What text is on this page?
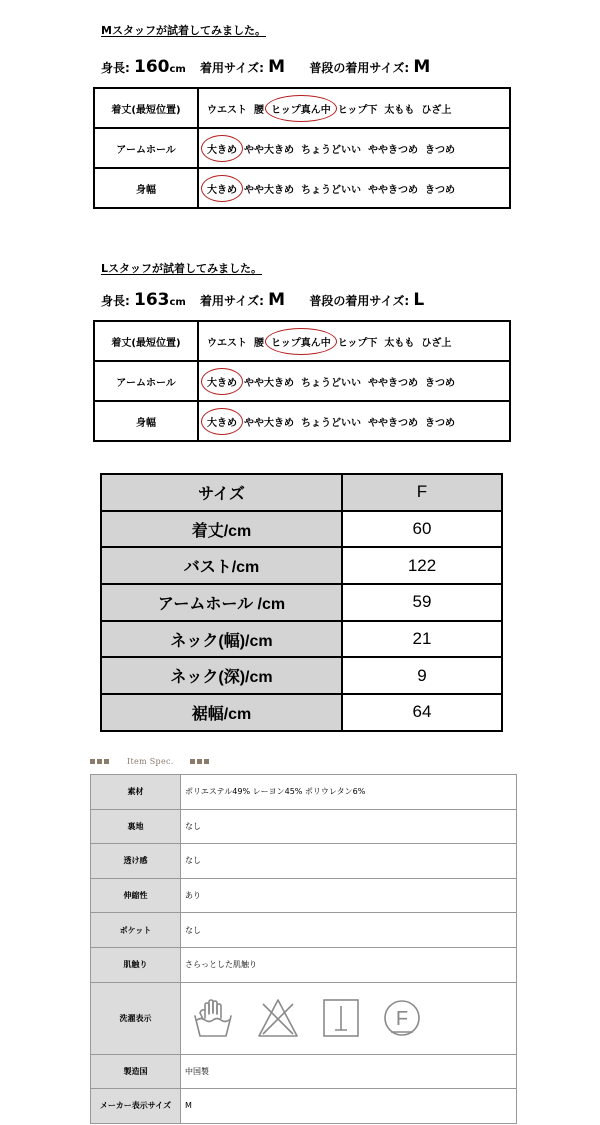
Mスタッフが試着してみました。
身長: 160cm 着用サイズ: M 普段の着用サイズ: M
着丈(最短位置)	ウエスト 腰 ヒップ真ん中 ヒップ下 太もも ひざ上
アームホール	大きめ やや大きめ ちょうどいい ややきつめ きつめ
身幅	大きめ やや大きめ ちょうどいい ややきつめ きつめ
Lスタッフが試着してみました。
身長: 163cm 着用サイズ: M 普段の着用サイズ: L
着丈(最短位置)	ウエスト 腰 ヒップ真ん中 ヒップ下 太もも ひざ上
アームホール	大きめ やや大きめ ちょうどいい ややきつめ きつめ
身幅	大きめ やや大きめ ちょうどいい ややきつめ きつめ
サイズ	F
着丈/cm	60
バスト/cm	122
アームホール /cm	59
ネック(幅)/cm	21
ネック(深)/cm	9
裾幅/cm	64
Item Spec.
素材	ポリエステル49% レーヨン45% ポリウレタン6%
裏地	なし
透け感	なし
伸縮性	あり
ポケット	なし
肌触り	さらっとした肌触り
洗濯表示	F

製造国	中国製
メーカー表示サイズ	M
